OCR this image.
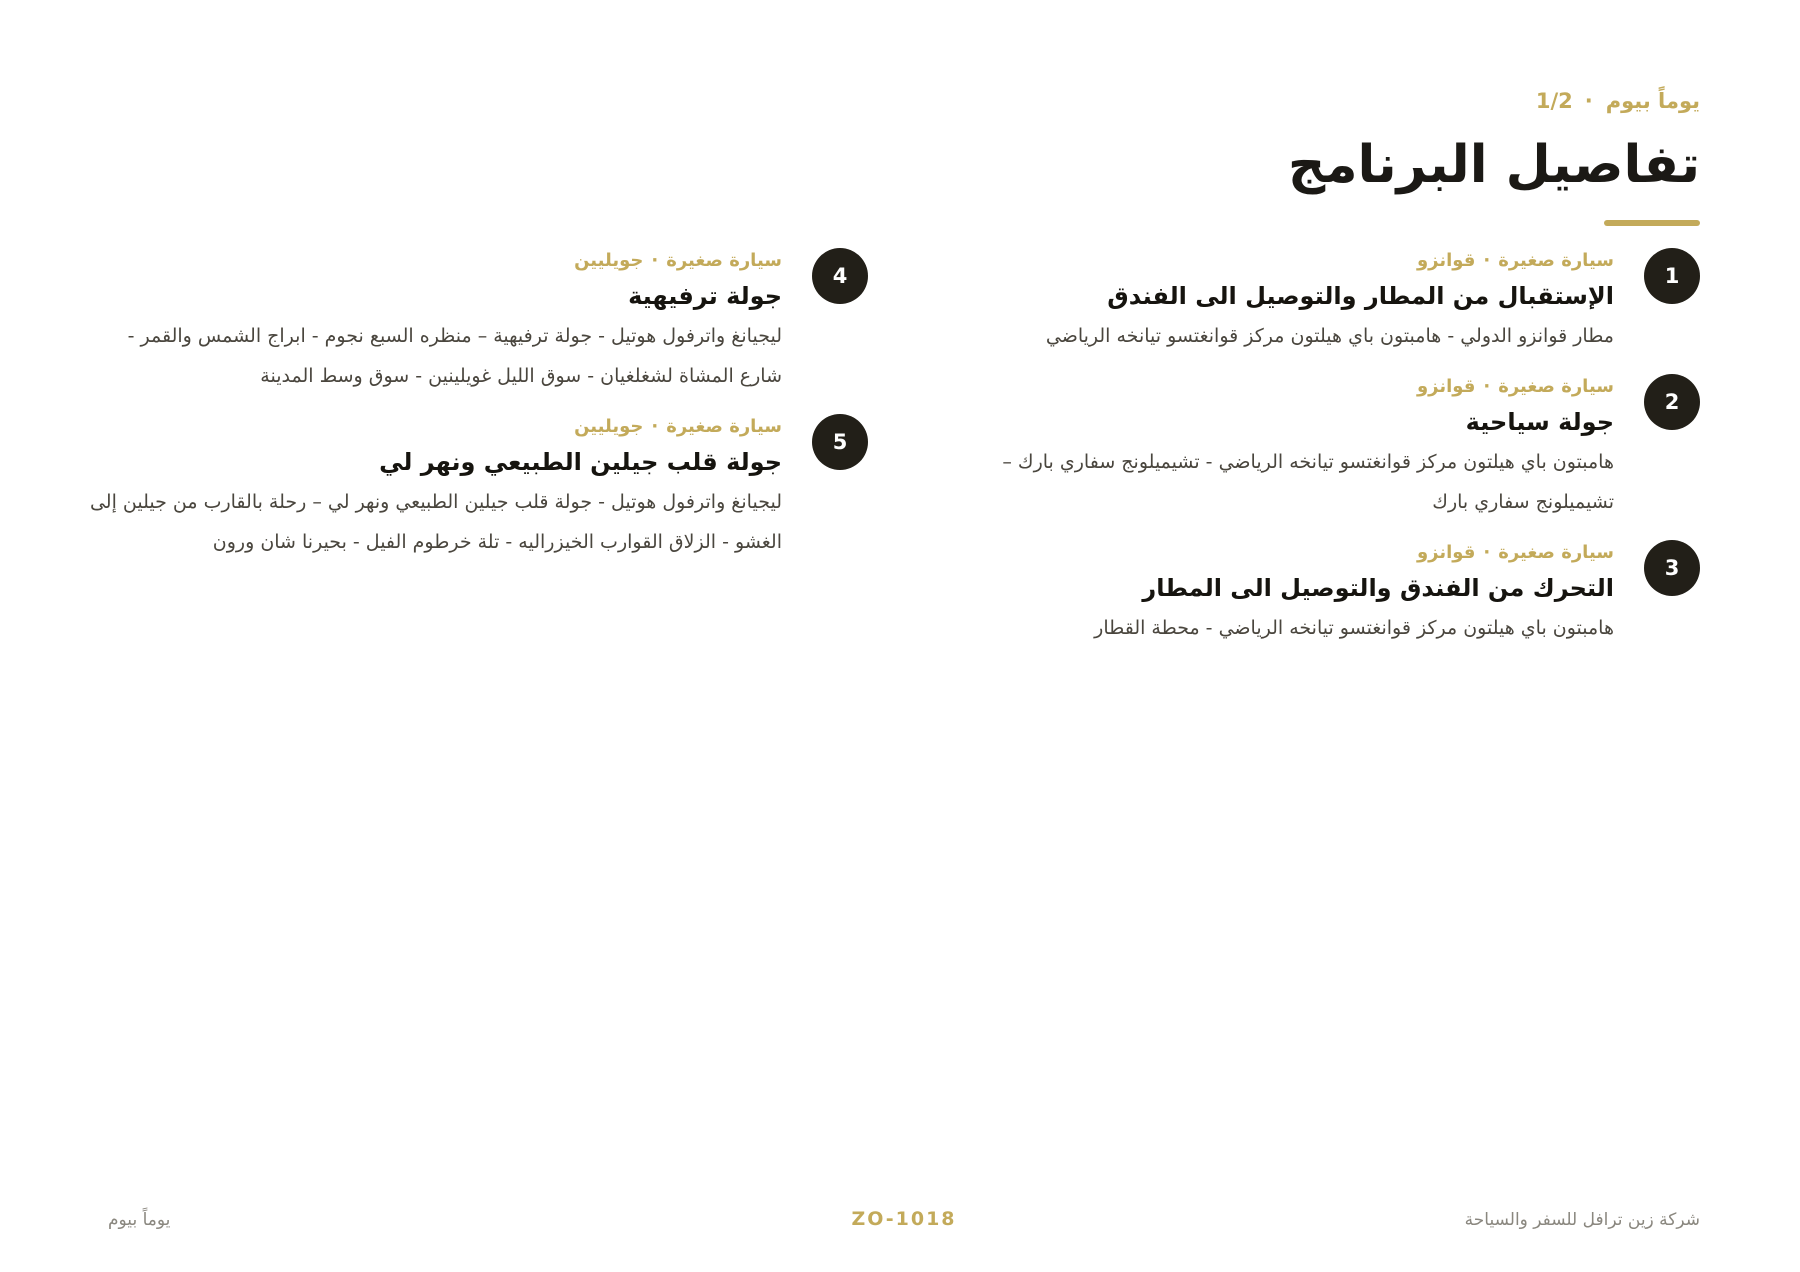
يوماً بيوم·1/2
تفاصيل البرنامج
1
سيارة صغيرة·قوانزو
الإستقبال من المطار والتوصيل الى الفندق
مطار قوانزو الدولي - هامبتون باي هيلتون مركز قوانغتسو تيانخه الرياضي
2
سيارة صغيرة·قوانزو
جولة سياحية
هامبتون باي هيلتون مركز قوانغتسو تيانخه الرياضي - تشيميلونج سفاري بارك – تشيميلونج سفاري بارك
3
سيارة صغيرة·قوانزو
التحرك من الفندق والتوصيل الى المطار
هامبتون باي هيلتون مركز قوانغتسو تيانخه الرياضي - محطة القطار
4
سيارة صغيرة·جويليين
جولة ترفيهية
ليجيانغ واترفول هوتيل - جولة ترفيهية – منظره السبع نجوم - ابراج الشمس والقمر - شارع المشاة لشغلغيان - سوق الليل غويلينين - سوق وسط المدينة
5
سيارة صغيرة·جويليين
جولة قلب جيلين الطبيعي ونهر لي
ليجيانغ واترفول هوتيل - جولة قلب جيلين الطبيعي ونهر لي – رحلة بالقارب من جيلين إلى الغشو - الزلاق القوارب الخيزراليه - تلة خرطوم الفيل - بحيرنا شان ورون
شركة زين ترافل للسفر والسياحة
ZO-1018
يوماً بيوم
